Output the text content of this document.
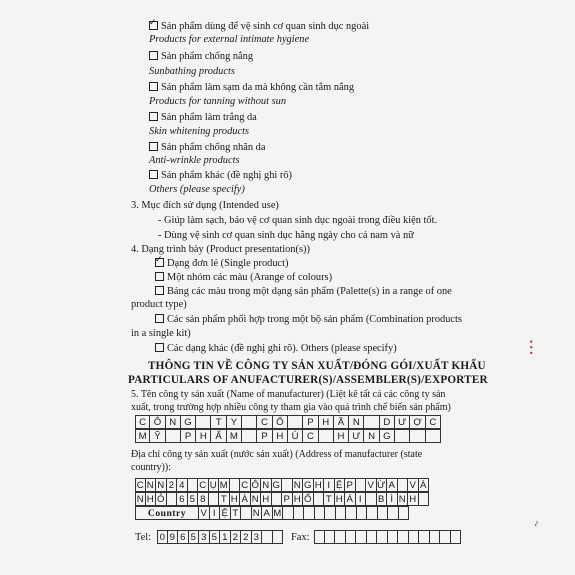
✓Sản phẩm dùng để vệ sinh cơ quan sinh dục ngoài
Products for external intimate hygiene
Sản phẩm chống nắng
Sunbathing products
Sản phẩm làm sạm da mà không cần tắm nắng
Products for tanning without sun
Sản phẩm làm trắng da
Skin whitening products
Sản phẩm chống nhăn da
Anti-wrinkle products
Sản phẩm khác (đề nghị ghi rõ)
Others (please specify)
3. Mục đích sử dụng (Intended use)
- Giúp làm sạch, bảo vệ cơ quan sinh dục ngoài trong điều kiện tốt.
- Dùng vệ sinh cơ quan sinh dục hằng ngày cho cả nam và nữ
4. Dạng trình bày (Product presentation(s))
✓Dạng đơn lẻ (Single product)
Một nhóm các màu (Arange of colours)
Bảng các màu trong một dạng sản phẩm (Palette(s) in a range of one
product type)
Các sản phẩm phối hợp trong một bộ sản phẩm (Combination products
in a single kit)
Các dạng khác (đề nghị ghi rõ). Others (please specify)
THÔNG TIN VỀ CÔNG TY SẢN XUẤT/ĐÓNG GÓI/XUẤT KHẨU
PARTICULARS OF ANUFACTURER(S)/ASSEMBLER(S)/EXPORTER
5. Tên công ty sản xuất (Name of manufacturer) (Liệt kê tất cả các công ty sản
xuất, trong trường hợp nhiều công ty tham gia vào quá trình chế biến sản phẩm)
C Ô N G	T Y	C Ổ	P H Ầ N	D Ư Ợ C
M Ỹ	P H Ẩ M	P H Ú C	H Ư N G
Địa chỉ công ty sản xuất (nước sản xuất) (Address of manufacturer (state
country)):
C N N 2 4	C Ụ M C Ô N G N G H I Ệ P V Ừ A V À
N H Ỏ 6 5 8	T H À N H P H Ố T H Á I	B Ì N H
Country	V I Ệ T N A M
Tel: 0 9 6 5 3 5 1 2 2 3	Fax:
• • •
~
